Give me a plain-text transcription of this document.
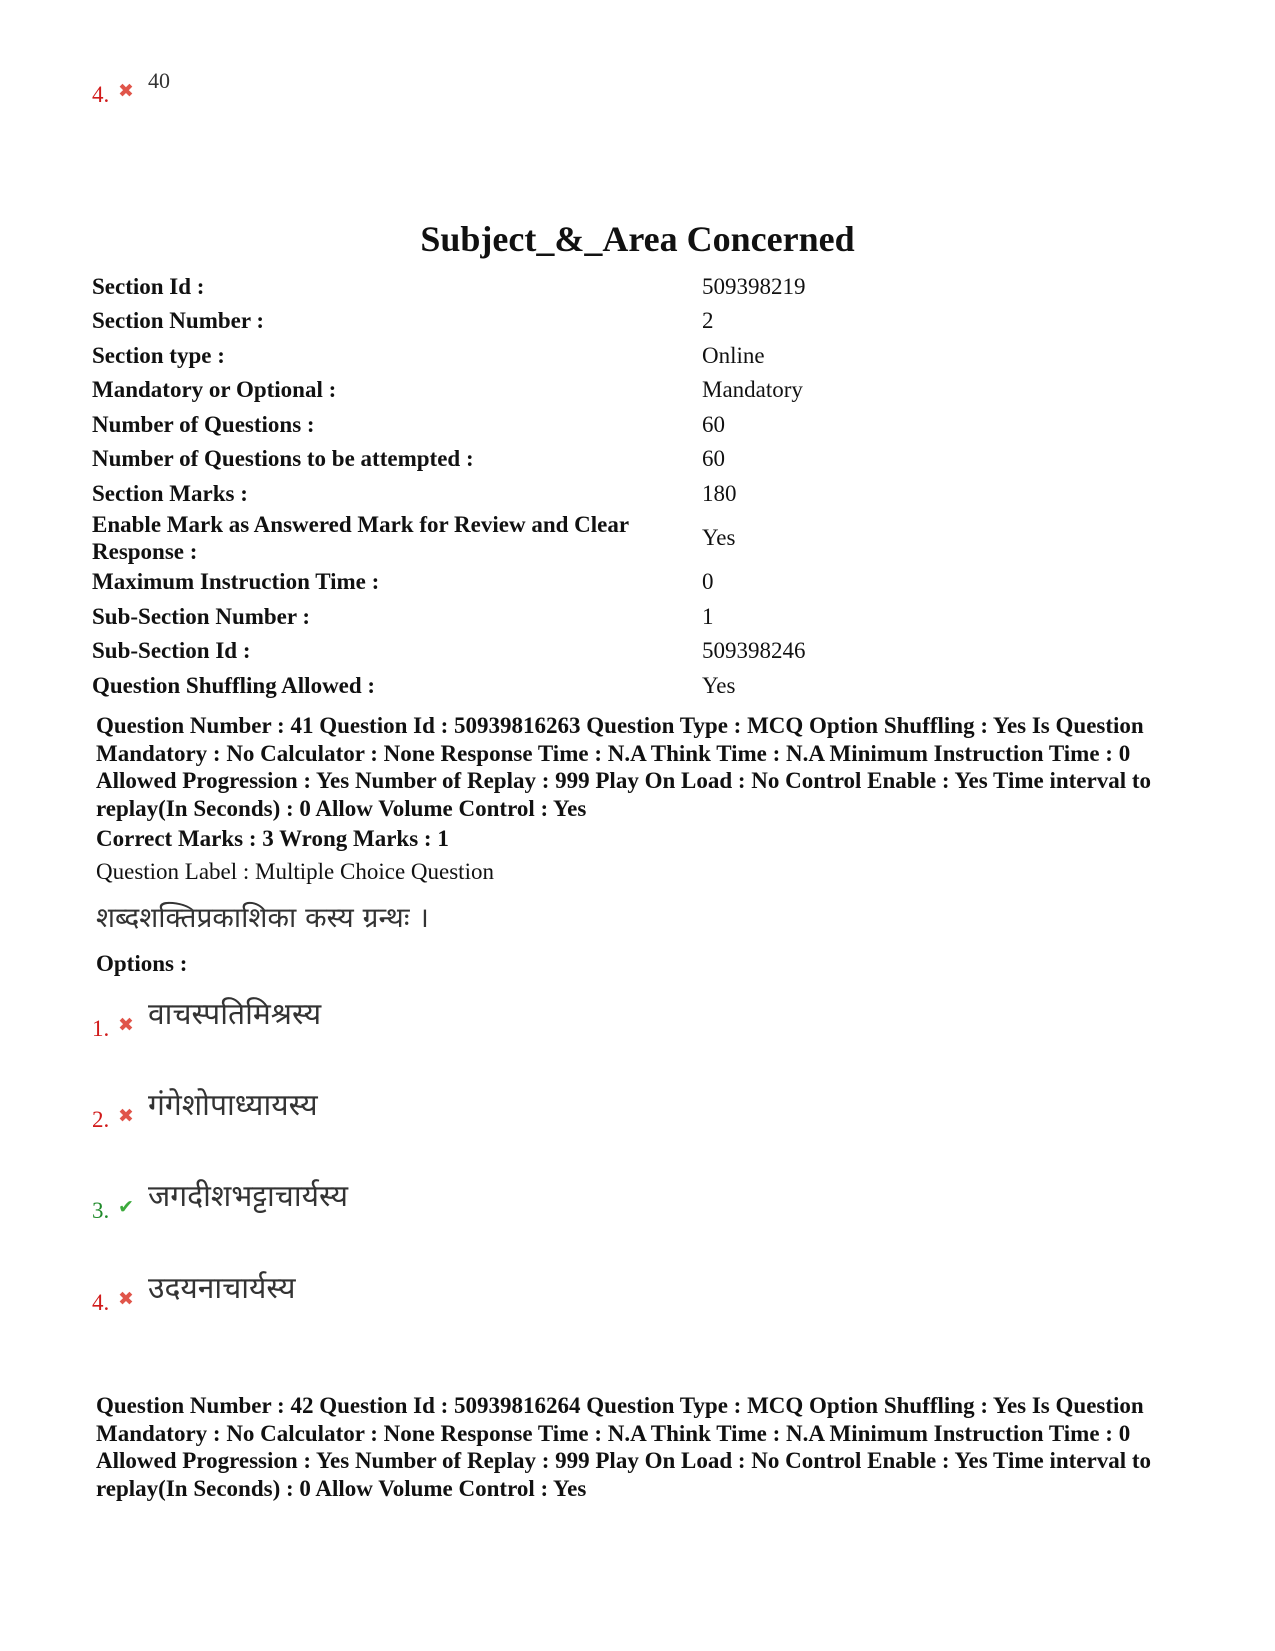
4. ✖ 40
Subject_&_Area Concerned
Section Id :	509398219
Section Number :	2
Section type :	Online
Mandatory or Optional :	Mandatory
Number of Questions :	60
Number of Questions to be attempted :	60
Section Marks :	180
Enable Mark as Answered Mark for Review and Clear Response :	Yes
Maximum Instruction Time :	0
Sub-Section Number :	1
Sub-Section Id :	509398246
Question Shuffling Allowed :	Yes
Question Number : 41 Question Id : 50939816263 Question Type : MCQ Option Shuffling : Yes Is Question Mandatory : No Calculator : None Response Time : N.A Think Time : N.A Minimum Instruction Time : 0 Allowed Progression : Yes Number of Replay : 999 Play On Load : No Control Enable : Yes Time interval to replay(In Seconds) : 0 Allow Volume Control : Yes
Correct Marks : 3 Wrong Marks : 1
Question Label : Multiple Choice Question
शब्दशक्तिप्रकाशिका कस्य ग्रन्थः ।
Options :
1. ✖ वाचस्पतिमिश्रस्य
2. ✖ गंगेशोपाध्यायस्य
3. ✔ जगदीशभट्टाचार्यस्य
4. ✖ उदयनाचार्यस्य
Question Number : 42 Question Id : 50939816264 Question Type : MCQ Option Shuffling : Yes Is Question Mandatory : No Calculator : None Response Time : N.A Think Time : N.A Minimum Instruction Time : 0 Allowed Progression : Yes Number of Replay : 999 Play On Load : No Control Enable : Yes Time interval to replay(In Seconds) : 0 Allow Volume Control : Yes
